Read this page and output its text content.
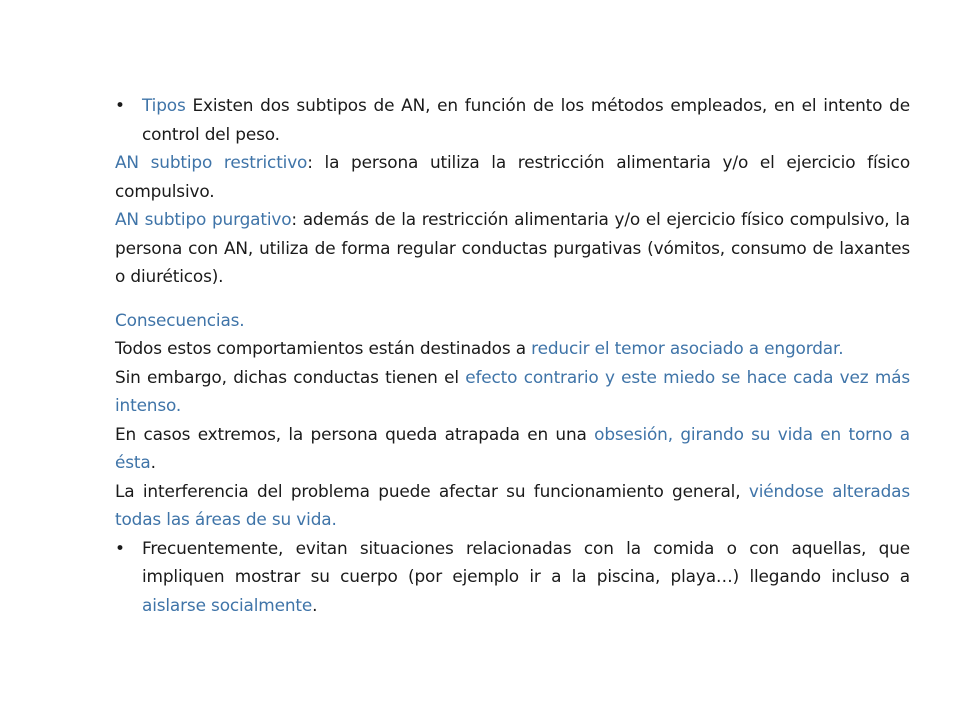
• Tipos Existen dos subtipos de AN, en función de los métodos empleados, en el intento de control del peso.

AN subtipo restrictivo: la persona utiliza la restricción alimentaria y/o el ejercicio físico compulsivo.

AN subtipo purgativo: además de la restricción alimentaria y/o el ejercicio físico compulsivo, la persona con AN, utiliza de forma regular conductas purgativas (vómitos, consumo de laxantes o diuréticos).

Consecuencias.

Todos estos comportamientos están destinados a reducir el temor asociado a engordar.

Sin embargo, dichas conductas tienen el efecto contrario y este miedo se hace cada vez más intenso.

En casos extremos, la persona queda atrapada en una obsesión, girando su vida en torno a ésta.

La interferencia del problema puede afectar su funcionamiento general, viéndose alteradas todas las áreas de su vida.

• Frecuentemente, evitan situaciones relacionadas con la comida o con aquellas, que impliquen mostrar su cuerpo (por ejemplo ir a la piscina, playa…) llegando incluso a aislarse socialmente.
